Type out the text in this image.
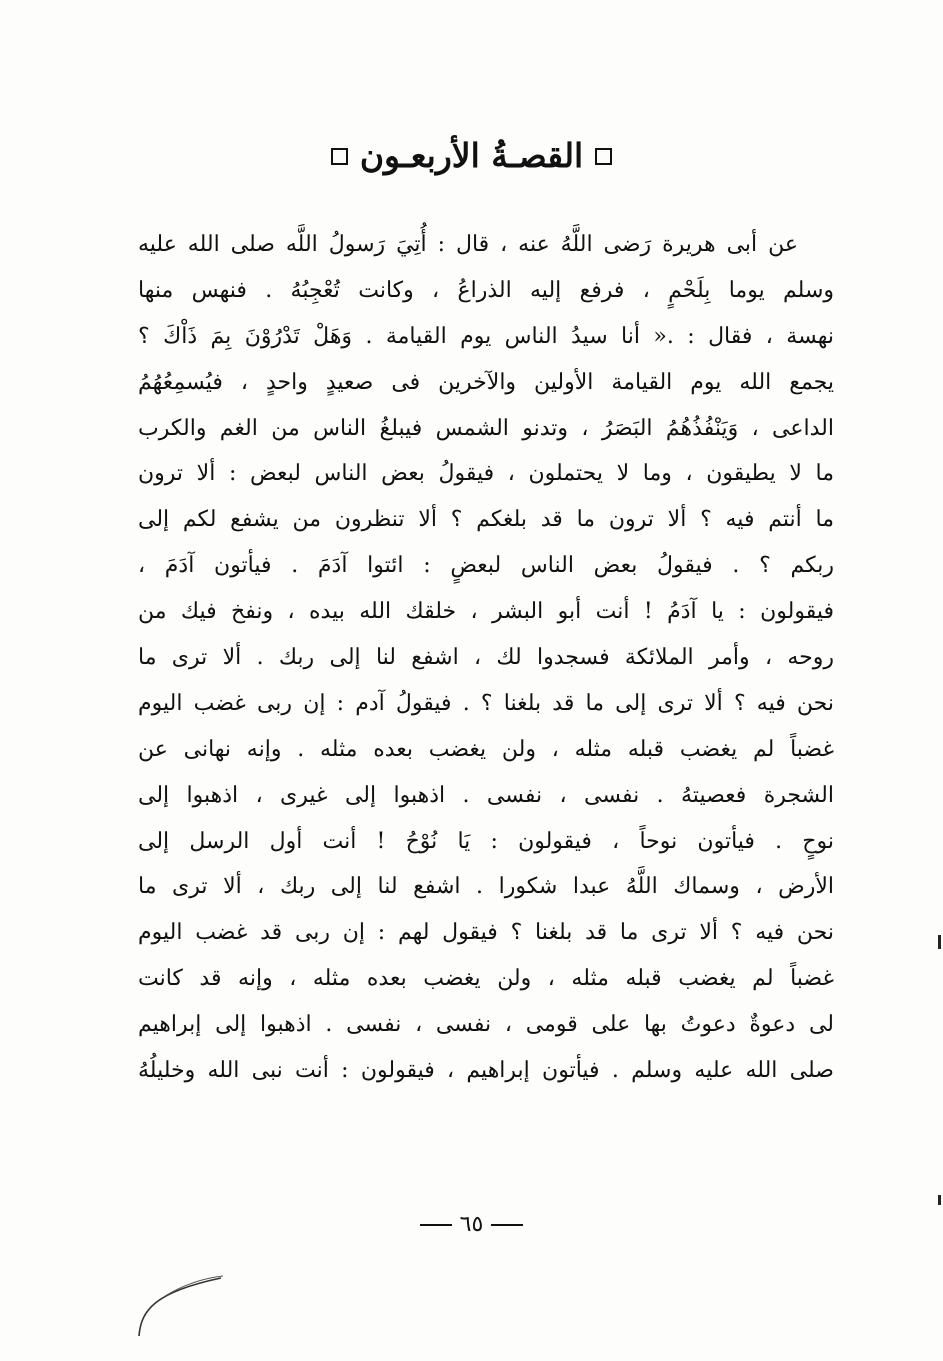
القصـةُ الأربعـون
عن أبى هريرة رَضى اللَّهُ عنه ، قال : أُتِيَ رَسولُ اللَّه صلى الله عليه
وسلم يوما بِلَحْمٍ ، فرفع إليه الذراعُ ، وكانت تُعْجِبُهُ . فنهس منها
نهسة ، فقال : .« أنا سيدُ الناس يوم القيامة . وَهَلْ تَدْرُوْنَ بِمَ ذَاْكَ ؟
يجمع الله يوم القيامة الأولين والآخرين فى صعيدٍ واحدٍ ، فيُسمِعُهُمُ
الداعى ، وَيَنْفُذُهُمُ البَصَرُ ، وتدنو الشمس فيبلغُ الناس من الغم والكرب
ما لا يطيقون ، وما لا يحتملون ، فيقولُ بعض الناس لبعض : ألا ترون
ما أنتم فيه ؟ ألا ترون ما قد بلغكم ؟ ألا تنظرون من يشفع لكم إلى
ربكم ؟ . فيقولُ بعض الناس لبعضٍ : ائتوا آدَمَ . فيأتون آدَمَ ،
فيقولون : يا آدَمُ ! أنت أبو البشر ، خلقك الله بيده ، ونفخ فيك من
روحه ، وأمر الملائكة فسجدوا لك ، اشفع لنا إلى ربك . ألا ترى ما
نحن فيه ؟ ألا ترى إلى ما قد بلغنا ؟ . فيقولُ آدم : إن ربى غضب اليوم
غضباً لم يغضب قبله مثله ، ولن يغضب بعده مثله . وإنه نهانى عن
الشجرة فعصيتهُ . نفسى ، نفسى . اذهبوا إلى غيرى ، اذهبوا إلى
نوحٍ . فيأتون نوحاً ، فيقولون : يَا نُوْحُ ! أنت أول الرسل إلى
الأرض ، وسماك اللَّهُ عبدا شكورا . اشفع لنا إلى ربك ، ألا ترى ما
نحن فيه ؟ ألا ترى ما قد بلغنا ؟ فيقول لهم : إن ربى قد غضب اليوم
غضباً لم يغضب قبله مثله ، ولن يغضب بعده مثله ، وإنه قد كانت
لى دعوةٌ دعوتُ بها على قومى ، نفسى ، نفسى . اذهبوا إلى إبراهيم
صلى الله عليه وسلم . فيأتون إبراهيم ، فيقولون : أنت نبى الله وخليلُهُ
٦٥
